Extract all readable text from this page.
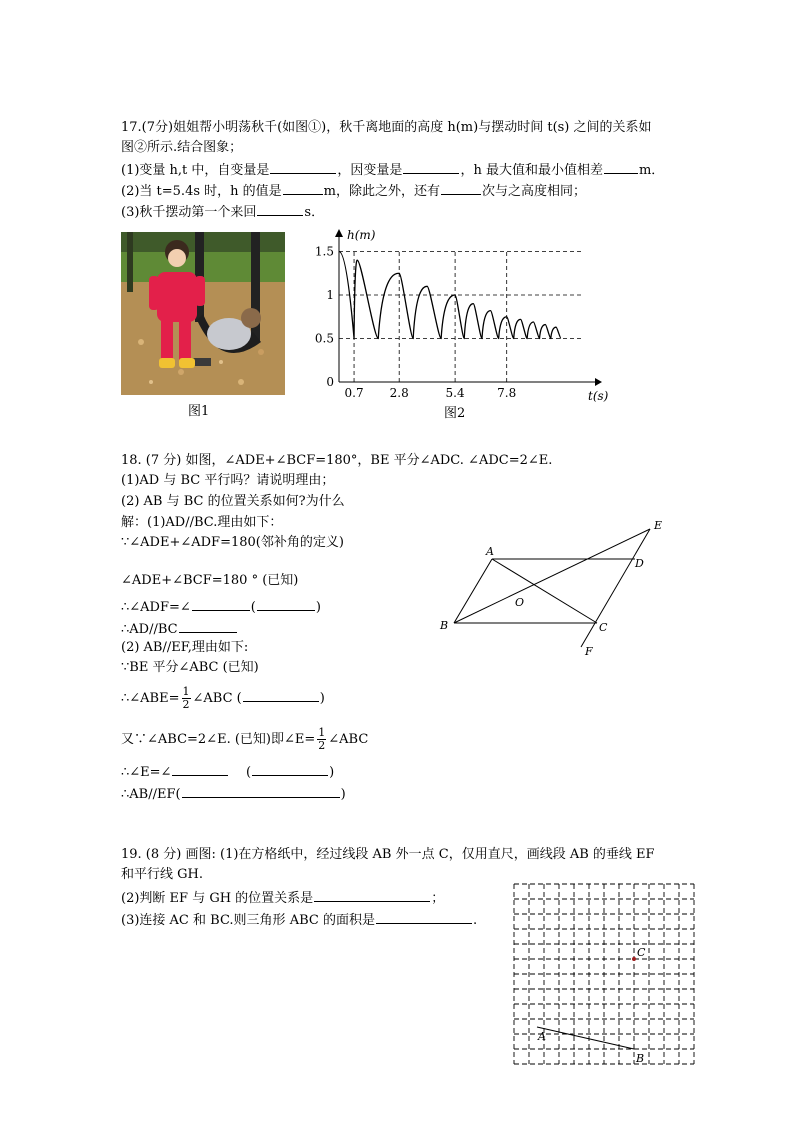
17.(7分)姐姐帮小明荡秋千(如图①)，秋千离地面的高度 h(m)与摆动时间 t(s) 之间的关系如
图②所示.结合图象；
(1)变量 h,t 中，自变量是	，因变量是	，h 最大值和最小值相差	m．
(2)当 t=5.4s 时，h 的值是	m，除此之外，还有	次与之高度相同；
(3)秋千摆动第一个来回	s．
图1
1.5
1
0.5
0
0.7 2.8	5.4	7.8
h(m)
t(s)
图2
18. (7 分) 如图，∠ADE+∠BCF=180°，BE 平分∠ADC. ∠ADC=2∠E.
(1)AD 与 BC 平行吗？请说明理由；
(2) AB 与 BC 的位置关系如何?为什么
解：(1)AD//BC.理由如下：
∵∠ADE+∠ADF=180(邻补角的定义)
∠ADE+∠BCF=180 ° (已知)
∴∠ADF=∠	(	)
∴AD//BC
(2) AB//EF,理由如下:
∵BE 平分∠ABC (已知)
∴∠ABE= $\frac{1}{2}$ ∠ABC (	)
又∵∠ABC=2∠E. (已知)即∠E= $\frac{1}{2}$ ∠ABC
∴∠E=∠	(	)
∴AB//EF(	)
A
B	C
D
E
F
O
19. (8 分) 画图: (1)在方格纸中，经过线段 AB 外一点 C，仅用直尺，画线段 AB 的垂线 EF
和平行线 GH.
(2)判断 EF 与 GH 的位置关系是	；
(3)连接 AC 和 BC.则三角形 ABC 的面积是	.
A
B
C
